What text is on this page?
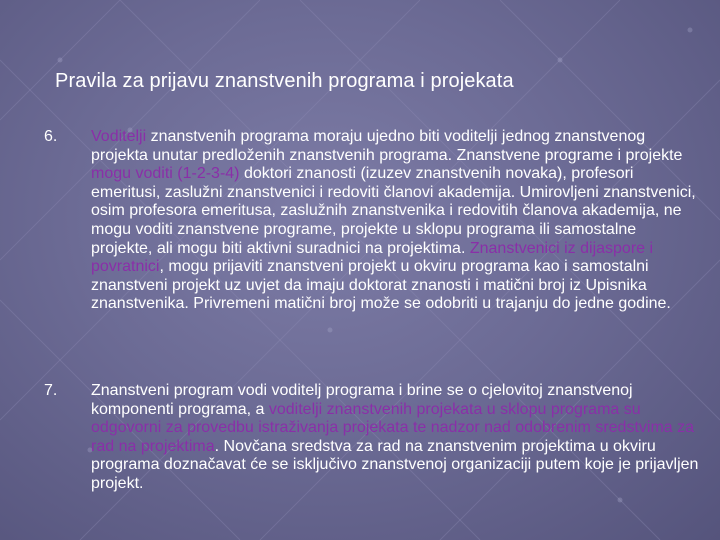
Pravila za prijavu znanstvenih programa i projekata
6. Voditelji znanstvenih programa moraju ujedno biti voditelji jednog znanstvenog projekta unutar predloženih znanstvenih programa. Znanstvene programe i projekte mogu voditi (1-2-3-4) doktori znanosti (izuzev znanstvenih novaka), profesori emeritusi, zaslužni znanstvenici i redoviti članovi akademija. Umirovljeni znanstvenici, osim profesora emeritusa, zaslužnih znanstvenika i redovitih članova akademija, ne mogu voditi znanstvene programe, projekte u sklopu programa ili samostalne projekte, ali mogu biti aktivni suradnici na projektima. Znanstvenici iz dijaspore i povratnici, mogu prijaviti znanstveni projekt u okviru programa kao i samostalni znanstveni projekt uz uvjet da imaju doktorat znanosti i matični broj iz Upisnika znanstvenika. Privremeni matični broj može se odobriti u trajanju do jedne godine.
7. Znanstveni program vodi voditelj programa i brine se o cjelovitoj znanstvenoj komponenti programa, a voditelji znanstvenih projekata u sklopu programa su odgovorni za provedbu istraživanja projekata te nadzor nad odobrenim sredstvima za rad na projektima. Novčana sredstva za rad na znanstvenim projektima u okviru programa doznačavat će se isključivo znanstvenoj organizaciji putem koje je prijavljen projekt.
